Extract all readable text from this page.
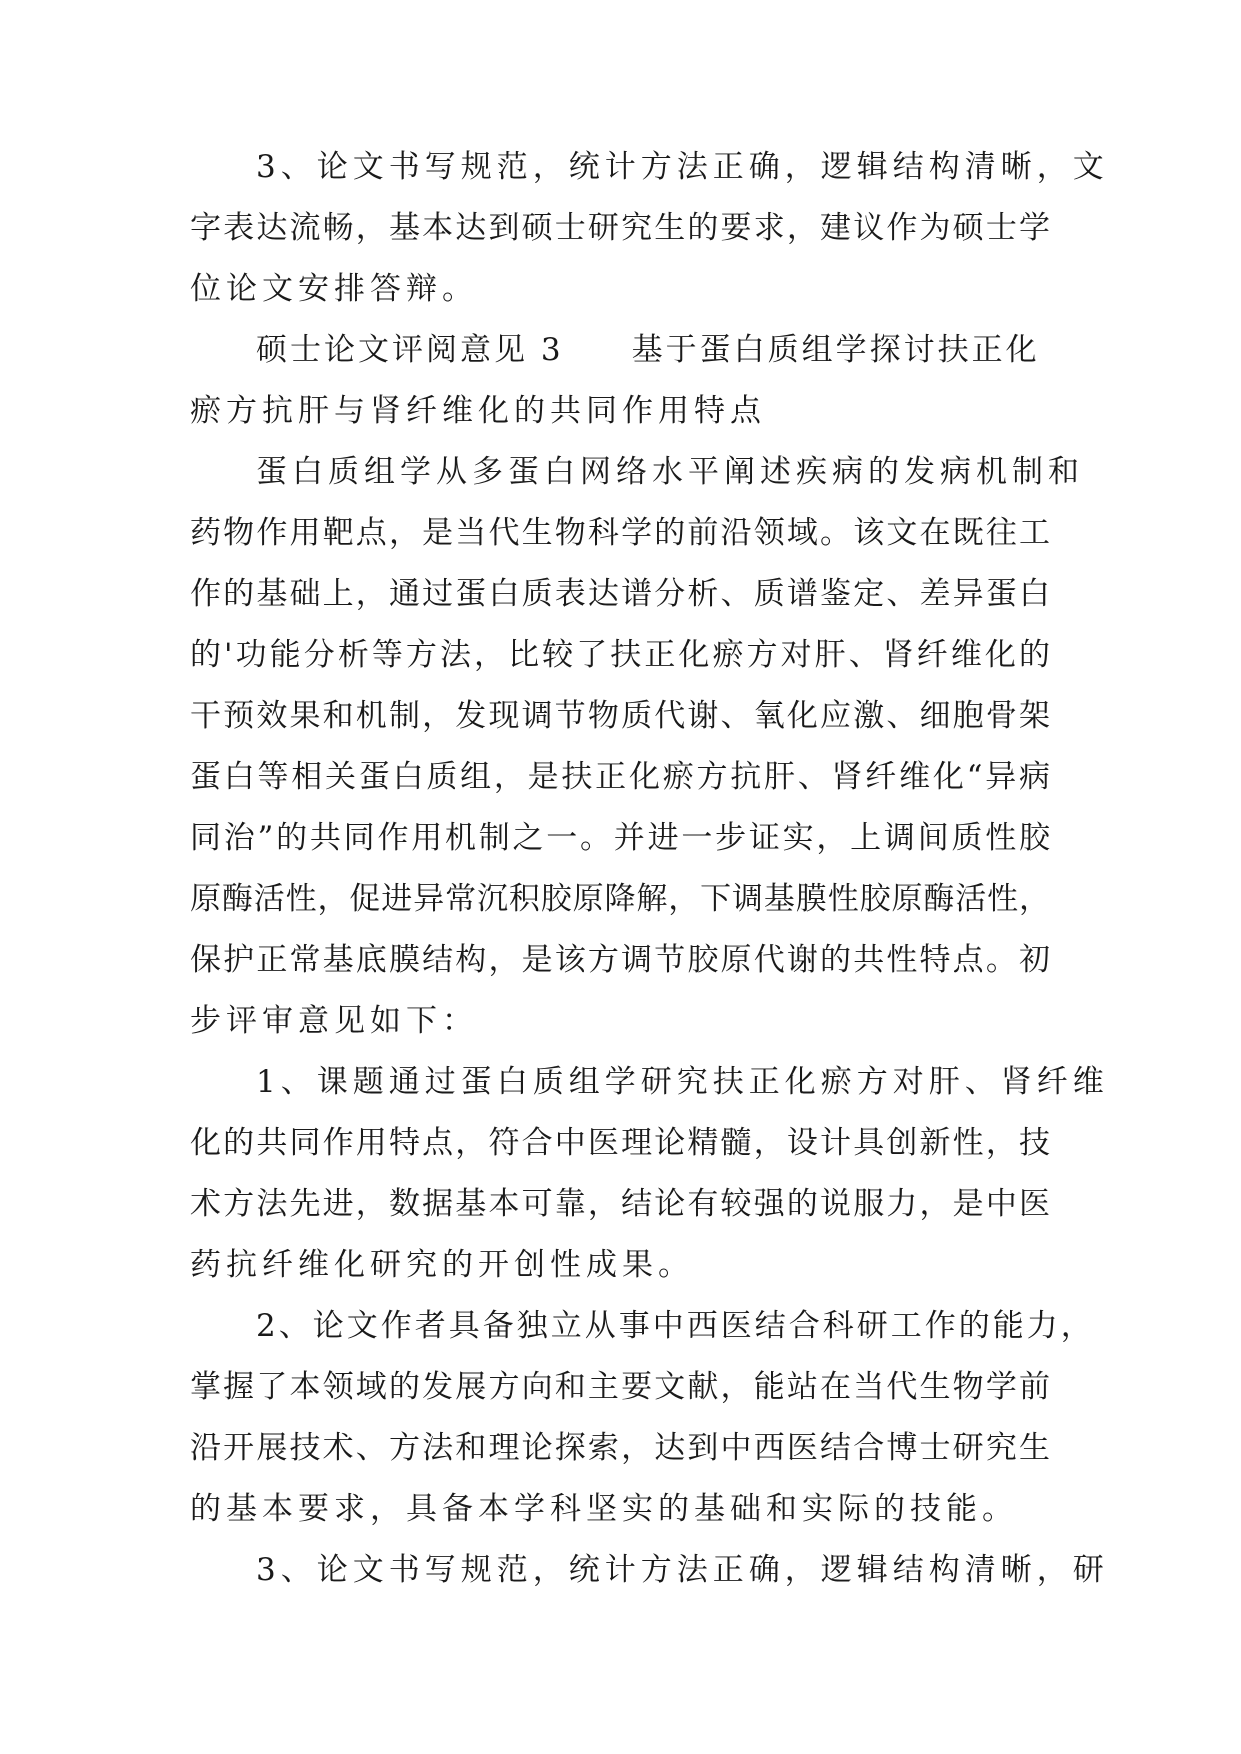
3、论文书写规范，统计方法正确，逻辑结构清晰，文
字表达流畅，基本达到硕士研究生的要求，建议作为硕士学
位论文安排答辩。
硕士论文评阅意见 3　　基于蛋白质组学探讨扶正化
瘀方抗肝与肾纤维化的共同作用特点
蛋白质组学从多蛋白网络水平阐述疾病的发病机制和
药物作用靶点，是当代生物科学的前沿领域。该文在既往工
作的基础上，通过蛋白质表达谱分析、质谱鉴定、差异蛋白
的'功能分析等方法，比较了扶正化瘀方对肝、肾纤维化的
干预效果和机制，发现调节物质代谢、氧化应激、细胞骨架
蛋白等相关蛋白质组，是扶正化瘀方抗肝、肾纤维化“异病
同治”的共同作用机制之一。并进一步证实，上调间质性胶
原酶活性，促进异常沉积胶原降解，下调基膜性胶原酶活性，
保护正常基底膜结构，是该方调节胶原代谢的共性特点。初
步评审意见如下：
1、课题通过蛋白质组学研究扶正化瘀方对肝、肾纤维
化的共同作用特点，符合中医理论精髓，设计具创新性，技
术方法先进，数据基本可靠，结论有较强的说服力，是中医
药抗纤维化研究的开创性成果。
2、论文作者具备独立从事中西医结合科研工作的能力，
掌握了本领域的发展方向和主要文献，能站在当代生物学前
沿开展技术、方法和理论探索，达到中西医结合博士研究生
的基本要求，具备本学科坚实的基础和实际的技能。
3、论文书写规范，统计方法正确，逻辑结构清晰，研
